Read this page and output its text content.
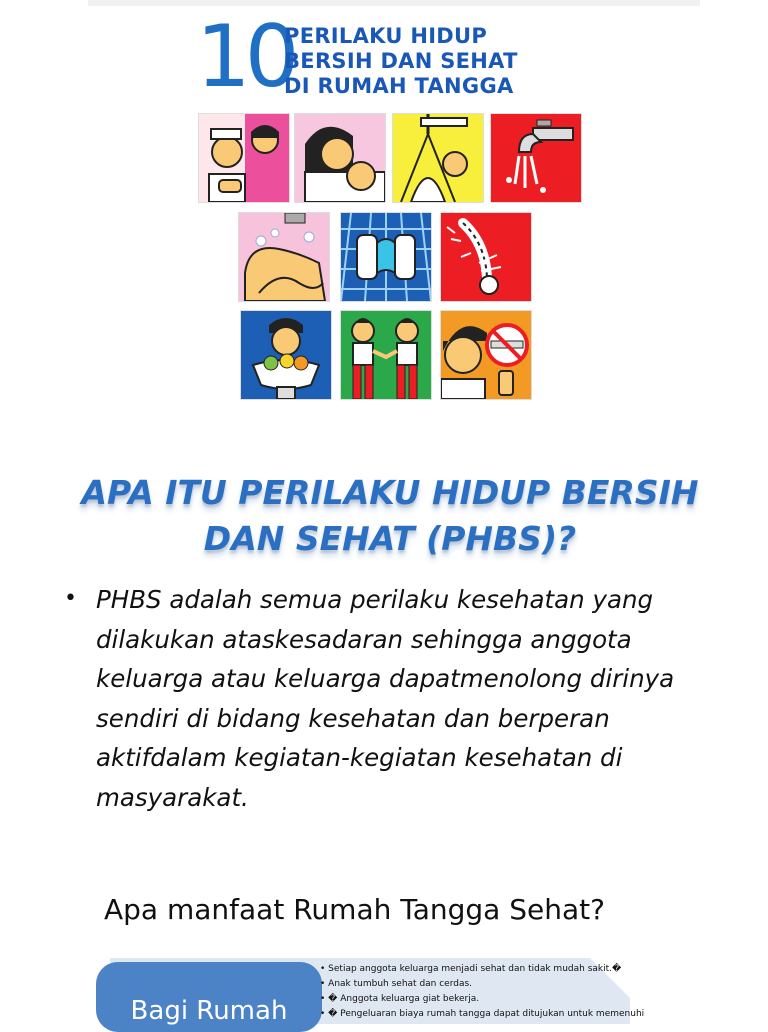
10
PERILAKU HIDUP
BERSIH DAN SEHAT
DI RUMAH TANGGA
APA ITU PERILAKU HIDUP BERSIH DAN SEHAT (PHBS)?
• PHBS adalah semua perilaku kesehatan yang dilakukan ataskesadaran sehingga anggota keluarga atau keluarga dapatmenolong dirinya sendiri di bidang kesehatan dan berperan aktifdalam kegiatan-kegiatan kesehatan di masyarakat.
Apa manfaat Rumah Tangga Sehat?
Bagi Rumah
• Setiap anggota keluarga menjadi sehat dan tidak mudah sakit.�
• Anak tumbuh sehat dan cerdas.
• � Anggota keluarga giat bekerja.
• � Pengeluaran biaya rumah tangga dapat ditujukan untuk memenuhi
